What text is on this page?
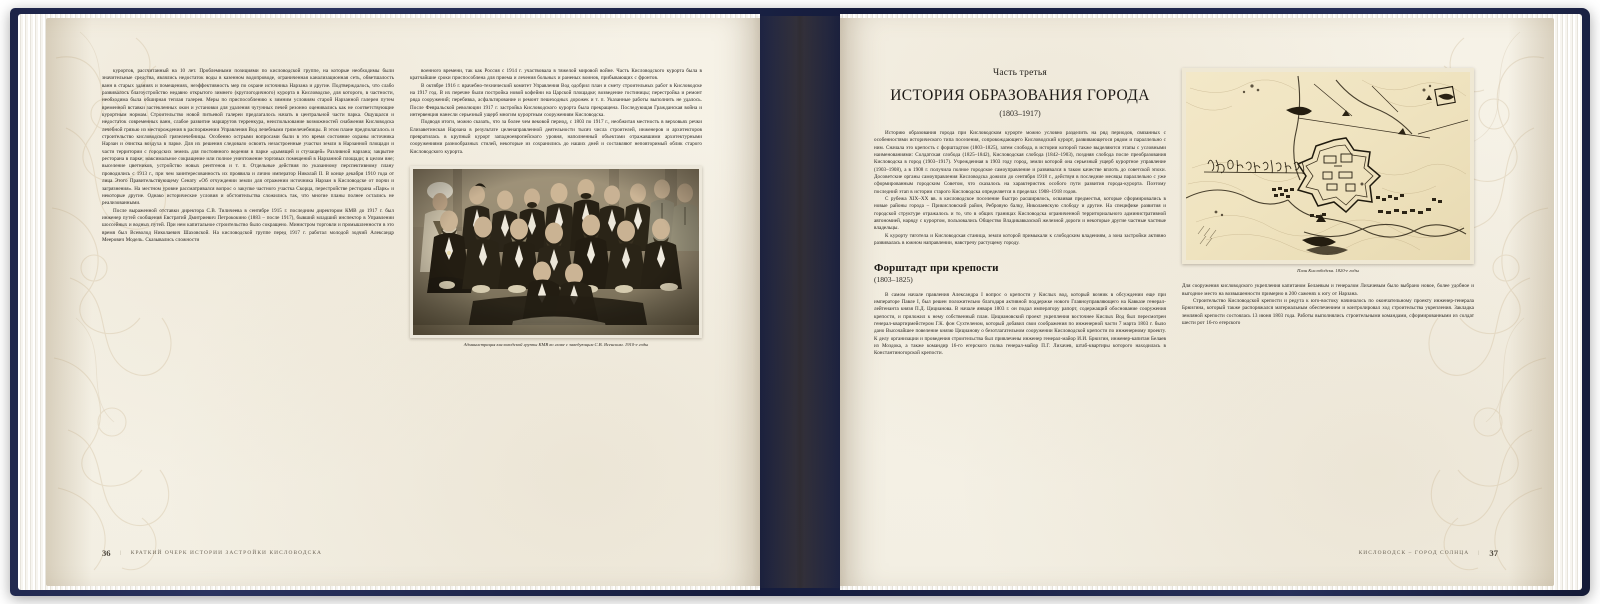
курортов, рассчитанный на 10 лет. Проблемными позициями по кисловодской группе, на которые необходимы были значительные средства, являлись недостаток воды в казенном водопроводе, ограниченная канализационная сеть, обветшалость ванн в старых зданиях и помещениях, неэффективность мер по охране источника Нарзана и другие. Подтверждалось, что слабо развивалось благоустройство недавно открытого зимнего (круглогодичного) курорта в Кисловодске, для которого, в частности, необходима была обширная теплая галерея. Меры по приспособлению к зимним условиям старой Нарзанной галереи путем временной вставки застекленных окон и установки для удаления чугунных печей резонно оценивались как не соответствующие курортным нормам. Строительство новой питьевой галереи предлагалось начать в центральной части парка. Ощущался и недостаток современных ванн, слабое развитие маршрутов терренкура, неиспользование возможностей снабжения Кисловодска лечебной грязью из месторождения в распоряжении Управления Вод лечебными грязелечебницы. В этом плане предполагалось и строительство кисловодской грязелечебницы. Особенно острыми вопросами были в это время состояние охраны источника Нарзан и очистка воздуха в парке. Для их решения следовало освоить незастроенные участки земли в Нарзанной площади и части территории с городских земель для постоянного ведения в парке «дымящей и стучащей» Разливной нарзана; закрытие ресторана в парке; максимальное сокращение или полное уничтожение торговых помещений в Нарзанной площади; в целом вне; выселение цветников, устройство новых рентгенов и т. п. Отдельные действия по указанному перспективному плану проводились с 1913 г., при чем заинтересованность их проявила и лично император Николай II. В конце декабря 1910 года от лица Этого Правительствующему Сенату «Об отчуждении земли для отражении источника Нарзан в Кисловодске от порчи и загрязнения». На местном уровне рассматривался вопрос о закупке частного участка Скорца, перестройстве ресторана «Парк» и некоторые другие. Однако исторические условия и обстоятельства сложились так, что многие планы полнее остались не реализованными.

После выраженной отставки директора С.В. Тиличеева в сентябре 1915 г. последним директором КМВ до 1917 г. был инженер путей сообщения Евстратий Дмитриевич Петрококино (1883 – после 1917), бывший младший инспектор в Управлении шоссейных и водных путей. При нем капитальное строительство было сокращено. Министром торговли и промышленности в это время был Всеволод Николаевич Шаховской. На кисловодской группе перед 1917 г. работал молодой зодчий Александр Меерович Модель. Сказывались сложности

военного времени, так как Россия с 1914 г. участвовала в тяжелой мировой войне. Часть Кисловодского курорта была в кратчайшие сроки приспособлена для приема и лечения больных и раненых воинов, прибывающих с фронтов.

В октябре 1916 г. врачебно-технический комитет Управления Вод одобрил план и смету строительных работ в Кисловодске на 1917 год. В их перечне были постройка новой кофейни на Царской площадке; возведение гостиницы; перестройка и ремонт ряда сооружений; перебивка, асфальтирование и ремонт пешеходных дорожек и т. п. Указанные работы выполнить не удалось. После Февральской революции 1917 г. застройка Кисловодского курорта была прекращена. Последующая Гражданская война и интервенция нанесли серьезный ущерб многим курортным сооружениям Кисловодска.

Подводя итоги, можно сказать, что за более чем вековой период, с 1803 по 1917 г., необжитая местность в верховьях речки Елизаветинская Нарзана в результате целенаправленной деятельности тысяч числа строителей, инженеров и архитекторов превратилась в крупный курорт западноевропейского уровня, наполненный объектами отражавшими архитектурными сооружениями разнообразных стилей, некоторые из сохранились до наших дней и составляют неповторимый облик старого Кисловодского курорта.

Администрация кисловодской группы КМВ во главе с заведующим С.В. Ясенским. 1910-е годы
36 | КРАТКИЙ ОЧЕРК ИСТОРИИ ЗАСТРОЙКИ КИСЛОВОДСКА
Часть третья
ИСТОРИЯ ОБРАЗОВАНИЯ ГОРОДА
(1803–1917)

Историю образования города при Кисловодском курорте можно условно разделить на ряд периодов, связанных с особенностями исторического типа поселения, сопровождающего Кисловодский курорт, развивающегося рядом и параллельно с ним. Сначала это крепость с форштадтом (1803–1825), затем слобода, в истории которой также выделяются этапы с условными наименованиями: Солдатская слобода (1825–1842), Кисловодская слобода (1842–1903), поздняя слобода после преобразования Кисловодска в город (1903–1917). Учрежденная в 1903 году город, земли которой она серьезный ущерб курортное управление (1903–1908), а в 1908 г. получила полное городское самоуправление и развивался в таком качестве вплоть до советской эпохи. Досоветские органы самоуправления Кисловодска дожили до сентября 1918 г., действуя в последние месяцы параллельно с уже сформированным городским Советом, что сказалось на характеристик особого пути развития города-курорта. Поэтому последний этап в истории старого Кисловодска определяется в пределах 1908–1918 годов.

С рубежа XIX–XX вв. в кисловодское поселение быстро расширялось, осваивая предместья, которые сформировались в новые районы города – Прикисловский район, Ребровую балку, Николаевскую слободу и другие. На специфике развития и городской структуре отражалось и то, что в общих границах Кисловодска ограниченной территориального административной автономией, наряду с курортом, пользовались Общество Владикавказской железной дороги и некоторые другие частные частные владельцы.

К курорту тяготела и Кисловодская станица, земли которой примыкали к слободским владениям, а зона застройки активно развивалась в южном направлении, навстречу растущему городу.

Форштадт при крепости
(1803–1825)

В самом начале правления Александра I вопрос о крепости у Кислых вод, который возник в обсуждении еще при императоре Павле I, был решен положительно благодаря активной поддержке нового Главноуправляющего на Кавказе генерал-лейтенанта князя П.Д. Цицианова. В начале января 1803 г. он подал императору рапорт, содержащий обоснование сооружения крепости, и приложил к нему собственный план. Цициановский проект укрепления восточнее Кислых Вод был пересмотрен генерал-квартирмейстером Г.К. фон Сухтеленом, который добавил свои соображения по инженерной части 7 марта 1803 г. было дано Высочайшее повеление князю Цицианову о безотлагательном сооружении Кисловодской крепости по инженерному проекту. К делу организации и проведения строительства был привлечены инженер генерал-майор И.И. Брюзгин, инженер-капитан Белаев из Моздока, а также командир 16-го егерского полка генерал-майор П.Г. Лихачев, штаб-квартиры которого находилась в Константиногорской крепости.

План Кислободска. 1820-е годы

Для сооружения кисловодского укрепления капитаном Белаевым и генералом Лихачевым было выбрано новое, более удобное и выгодное место на возвышенности примерно в 200 саженях к югу от Нарзана.

Строительство Кисловодской крепости и редута к юго-востоку начиналось по окончательному проекту инженер-генерала Брюзгина, который также распоряжался материальным обеспечением и контролировал ход строительства укрепления. Закладка земляной крепости состоялась 13 июня 1803 года. Работы выполнялись строительными командами, сформированными из солдат шести рот 16-го егерского

КИСЛОВОДСК – ГОРОД СОЛНЦА | 37
